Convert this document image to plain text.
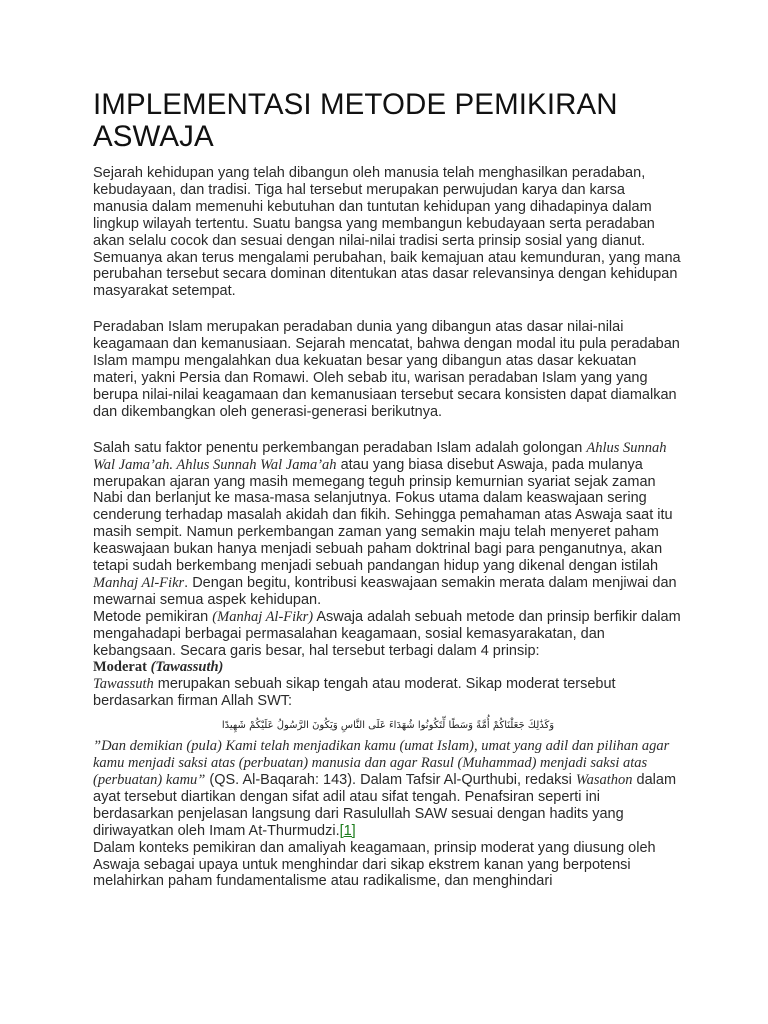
IMPLEMENTASI METODE PEMIKIRAN ASWAJA

Sejarah kehidupan yang telah dibangun oleh manusia telah menghasilkan peradaban, kebudayaan, dan tradisi. Tiga hal tersebut merupakan perwujudan karya dan karsa manusia dalam memenuhi kebutuhan dan tuntutan kehidupan yang dihadapinya dalam lingkup wilayah tertentu. Suatu bangsa yang membangun kebudayaan serta peradaban akan selalu cocok dan sesuai dengan nilai-nilai tradisi serta prinsip sosial yang dianut. Semuanya akan terus mengalami perubahan, baik kemajuan atau kemunduran, yang mana perubahan tersebut secara dominan ditentukan atas dasar relevansinya dengan kehidupan masyarakat setempat.

Peradaban Islam merupakan peradaban dunia yang dibangun atas dasar nilai-nilai keagamaan dan kemanusiaan. Sejarah mencatat, bahwa dengan modal itu pula peradaban Islam mampu mengalahkan dua kekuatan besar yang dibangun atas dasar kekuatan materi, yakni Persia dan Romawi. Oleh sebab itu, warisan peradaban Islam yang yang berupa nilai-nilai keagamaan dan kemanusiaan tersebut secara konsisten dapat diamalkan dan dikembangkan oleh generasi-generasi berikutnya.

Salah satu faktor penentu perkembangan peradaban Islam adalah golongan Ahlus Sunnah Wal Jama’ah. Ahlus Sunnah Wal Jama’ah atau yang biasa disebut Aswaja, pada mulanya merupakan ajaran yang masih memegang teguh prinsip kemurnian syariat sejak zaman Nabi dan berlanjut ke masa-masa selanjutnya. Fokus utama dalam keaswajaan sering cenderung terhadap masalah akidah dan fikih. Sehingga pemahaman atas Aswaja saat itu masih sempit. Namun perkembangan zaman yang semakin maju telah menyeret paham keaswajaan bukan hanya menjadi sebuah paham doktrinal bagi para penganutnya, akan tetapi sudah berkembang menjadi sebuah pandangan hidup yang dikenal dengan istilah Manhaj Al-Fikr. Dengan begitu, kontribusi keaswajaan semakin merata dalam menjiwai dan mewarnai semua aspek kehidupan.

Metode pemikiran (Manhaj Al-Fikr) Aswaja adalah sebuah metode dan prinsip berfikir dalam mengahadapi berbagai permasalahan keagamaan, sosial kemasyarakatan, dan kebangsaan. Secara garis besar, hal tersebut terbagi dalam 4 prinsip:

Moderat (Tawassuth)

Tawassuth merupakan sebuah sikap tengah atau moderat. Sikap moderat tersebut berdasarkan firman Allah SWT:

وَكَذَٰلِكَ جَعَلْنَاكُمْ أُمَّةً وَسَطًا لِّتَكُونُوا شُهَدَاءَ عَلَى النَّاسِ وَيَكُونَ الرَّسُولُ عَلَيْكُمْ شَهِيدًا

”Dan demikian (pula) Kami telah menjadikan kamu (umat Islam), umat yang adil dan pilihan agar kamu menjadi saksi atas (perbuatan) manusia dan agar Rasul (Muhammad) menjadi saksi atas (perbuatan) kamu” (QS. Al-Baqarah: 143). Dalam Tafsir Al-Qurthubi, redaksi Wasathon dalam ayat tersebut diartikan dengan sifat adil atau sifat tengah. Penafsiran seperti ini berdasarkan penjelasan langsung dari Rasulullah SAW sesuai dengan hadits yang diriwayatkan oleh Imam At-Thurmudzi.[1]

Dalam konteks pemikiran dan amaliyah keagamaan, prinsip moderat yang diusung oleh Aswaja sebagai upaya untuk menghindar dari sikap ekstrem kanan yang berpotensi melahirkan paham fundamentalisme atau radikalisme, dan menghindari
